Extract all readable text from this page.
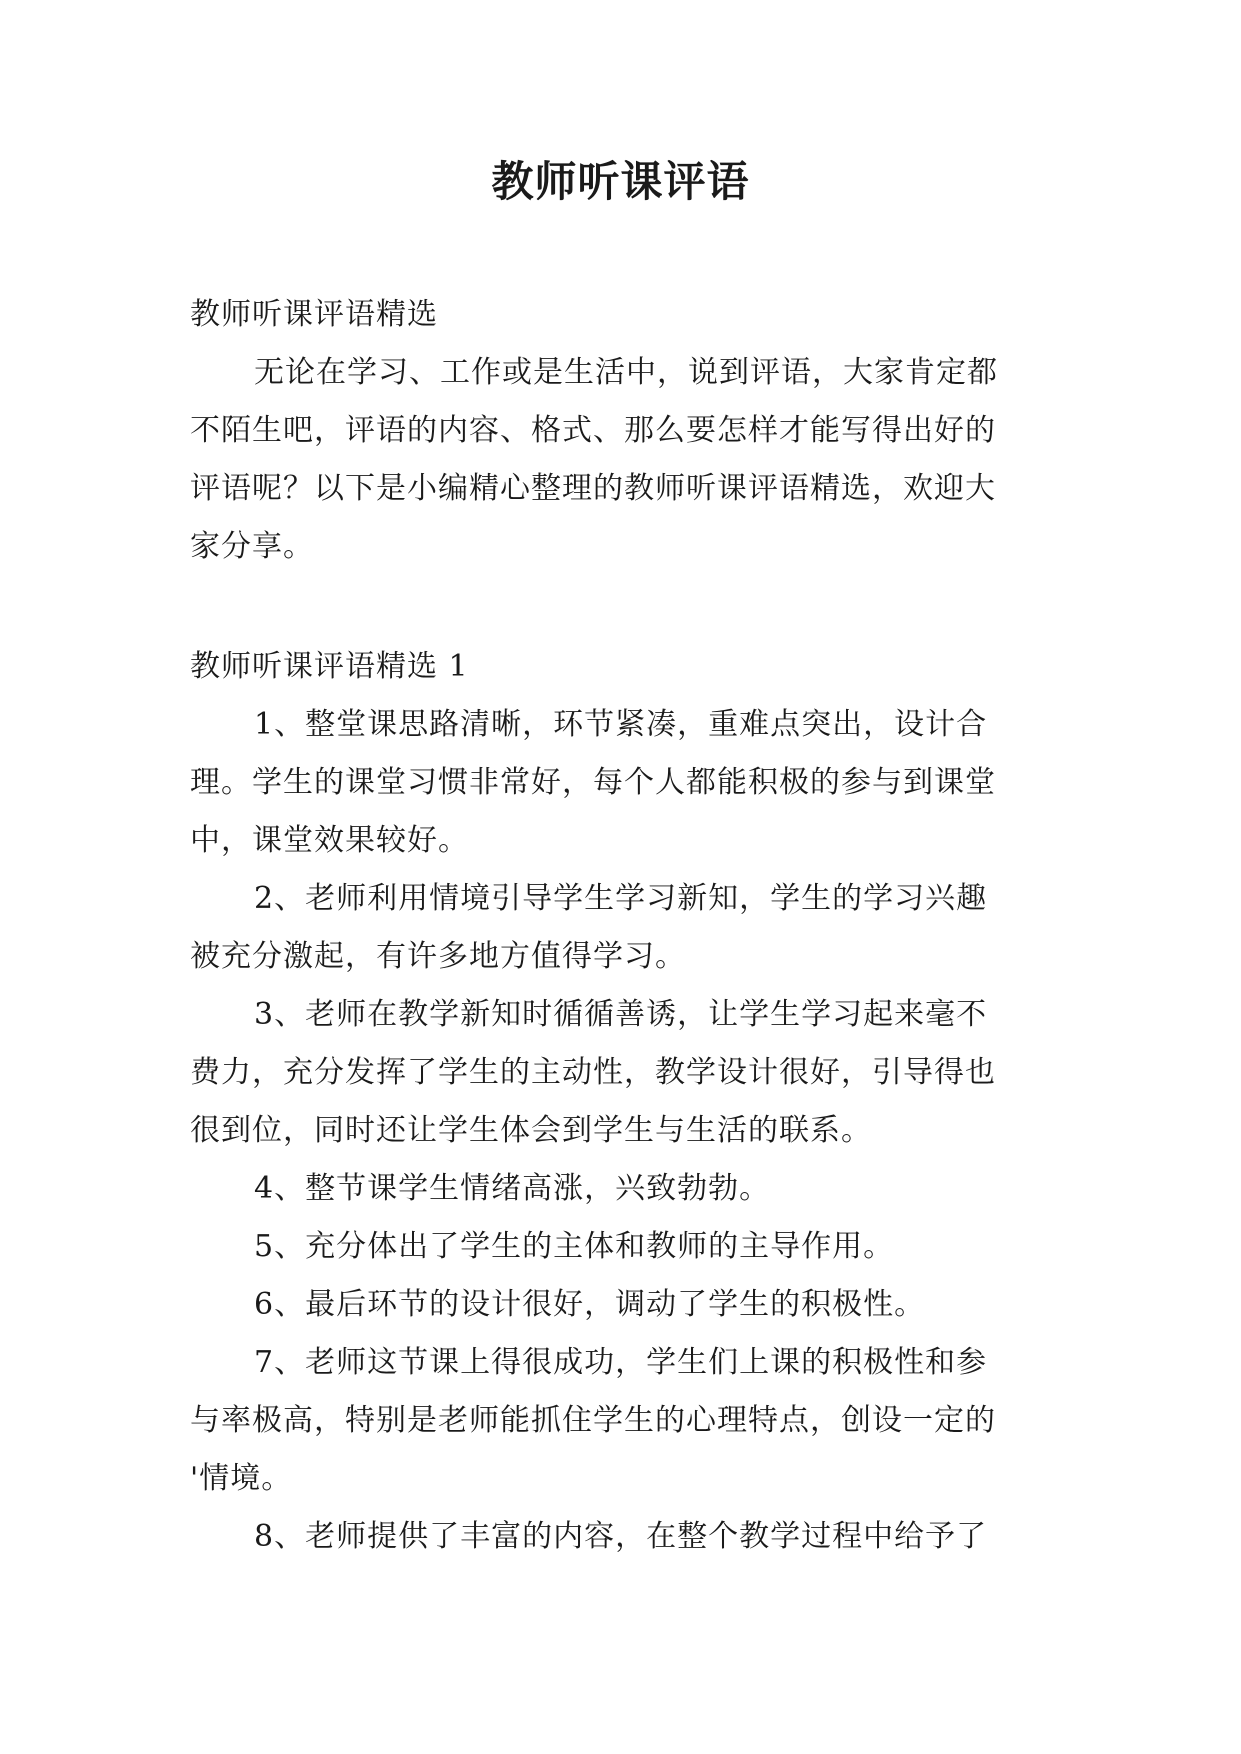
教师听课评语
教师听课评语精选
无论在学习、工作或是生活中，说到评语，大家肯定都
不陌生吧，评语的内容、格式、那么要怎样才能写得出好的
评语呢？以下是小编精心整理的教师听课评语精选，欢迎大
家分享。
教师听课评语精选 1
1、整堂课思路清晰，环节紧凑，重难点突出，设计合
理。学生的课堂习惯非常好，每个人都能积极的参与到课堂
中，课堂效果较好。
2、老师利用情境引导学生学习新知，学生的学习兴趣
被充分激起，有许多地方值得学习。
3、老师在教学新知时循循善诱，让学生学习起来毫不
费力，充分发挥了学生的主动性，教学设计很好，引导得也
很到位，同时还让学生体会到学生与生活的联系。
4、整节课学生情绪高涨，兴致勃勃。
5、充分体出了学生的主体和教师的主导作用。
6、最后环节的设计很好，调动了学生的积极性。
7、老师这节课上得很成功，学生们上课的积极性和参
与率极高，特别是老师能抓住学生的心理特点，创设一定的
'情境。
8、老师提供了丰富的内容，在整个教学过程中给予了
